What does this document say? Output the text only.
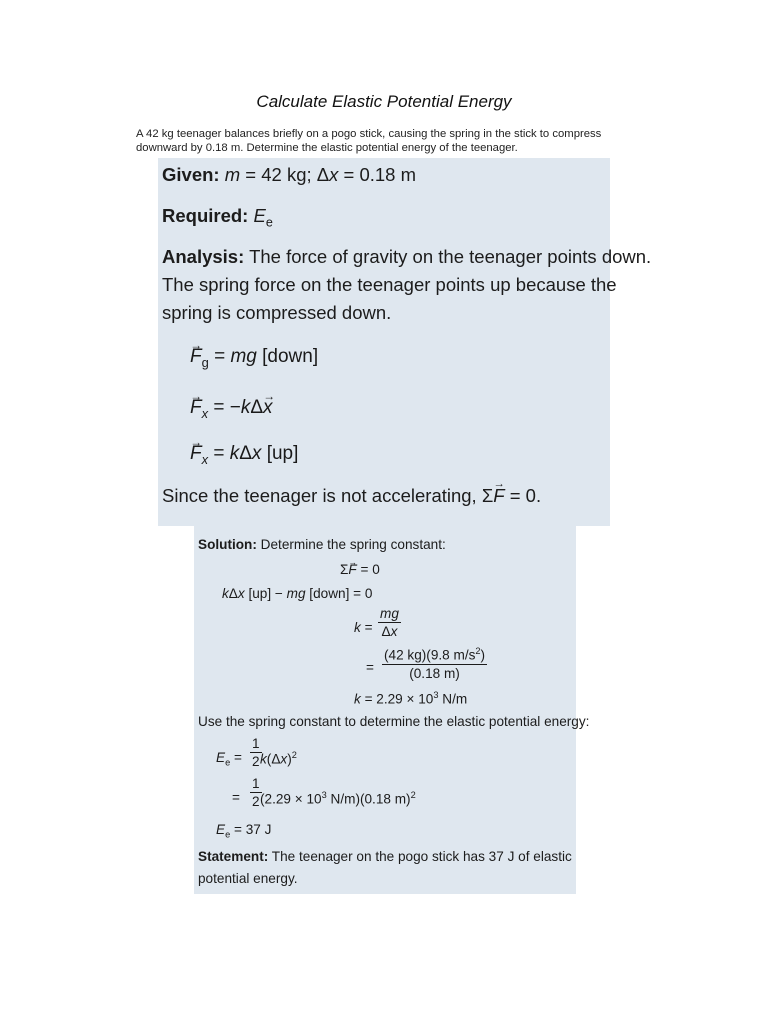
Calculate Elastic Potential Energy
A 42 kg teenager balances briefly on a pogo stick, causing the spring in the stick to compress
downward by 0.18 m. Determine the elastic potential energy of the teenager.
Given: m = 42 kg; Δx = 0.18 m
Required: $E_e$
Analysis: The force of gravity on the teenager points down.
The spring force on the teenager points up because the
spring is compressed down.
→ $F_g$ = mg [down]
→ $F_x = -k\Delta\to x$
→ $F_x = k\Delta x$ [up]
Since the teenager is not accelerating, Σ→ F = 0.
Solution: Determine the spring constant:
Σ→ F = 0
kΔx [up] − mg [down] = 0
$k = \frac{mg}{\Delta x}$
= $\frac{(42 kg)(9.8 m/s^2)}{(0.18 m)}$
$k = 2.29 \times 10^3$ N/m
Use the spring constant to determine the elastic potential energy:
$E_e = \frac{1}{2}$
$k(\Delta x)^2$
= $\frac{1}{2}$
($2.29 \times 10^3$ N/m)(0.18 m)$^2$
$E_e = 37$ J
Statement: The teenager on the pogo stick has 37 J of elastic
potential energy.
